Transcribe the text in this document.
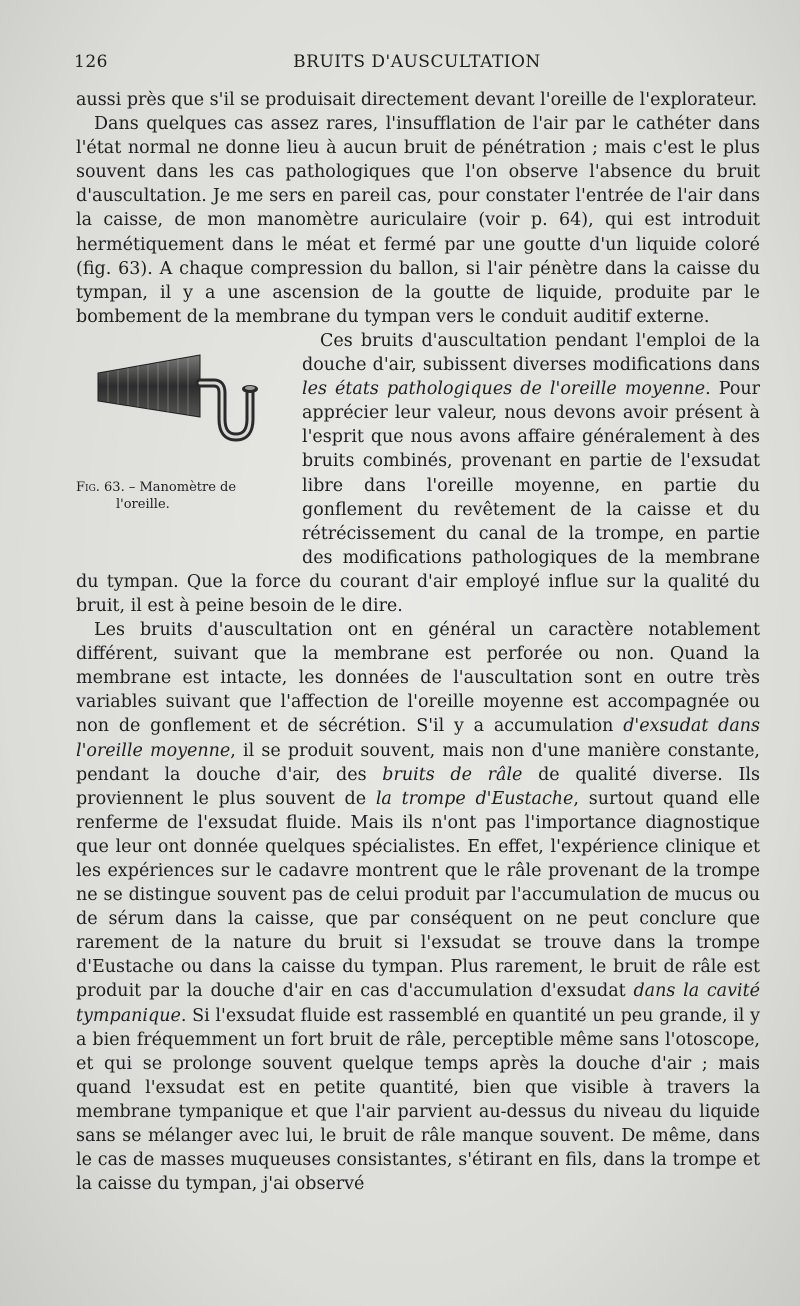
126	BRUITS D'AUSCULTATION

aussi près que s'il se produisait directement devant l'oreille de l'explorateur.

Dans quelques cas assez rares, l'insufflation de l'air par le cathéter dans l'état normal ne donne lieu à aucun bruit de pénétration ; mais c'est le plus souvent dans les cas pathologiques que l'on observe l'absence du bruit d'auscultation. Je me sers en pareil cas, pour constater l'entrée de l'air dans la caisse, de mon manomètre auriculaire (voir p. 64), qui est introduit hermétiquement dans le méat et fermé par une goutte d'un liquide coloré (fig. 63). A chaque compression du ballon, si l'air pénètre dans la caisse du tympan, il y a une ascension de la goutte de liquide, produite par le bombement de la membrane du tympan vers le conduit auditif externe.

Fig. 63. – Manomètre de
l'oreille.

Ces bruits d'auscultation pendant l'emploi de la douche d'air, subissent diverses modifications dans les états pathologiques de l'oreille moyenne. Pour apprécier leur valeur, nous devons avoir présent à l'esprit que nous avons affaire généralement à des bruits combinés, provenant en partie de l'exsudat libre dans l'oreille moyenne, en partie du gonflement du revêtement de la caisse et du rétrécissement du canal de la trompe, en partie des modifications pathologiques de la membrane du tympan. Que la force du courant d'air employé influe sur la qualité du bruit, il est à peine besoin de le dire.

Les bruits d'auscultation ont en général un caractère notablement différent, suivant que la membrane est perforée ou non. Quand la membrane est intacte, les données de l'auscultation sont en outre très variables suivant que l'affection de l'oreille moyenne est accompagnée ou non de gonflement et de sécrétion. S'il y a accumulation d'exsudat dans l'oreille moyenne, il se produit souvent, mais non d'une manière constante, pendant la douche d'air, des bruits de râle de qualité diverse. Ils proviennent le plus souvent de la trompe d'Eustache, surtout quand elle renferme de l'exsudat fluide. Mais ils n'ont pas l'importance diagnostique que leur ont donnée quelques spécialistes. En effet, l'expérience clinique et les expériences sur le cadavre montrent que le râle provenant de la trompe ne se distingue souvent pas de celui produit par l'accumulation de mucus ou de sérum dans la caisse, que par conséquent on ne peut conclure que rarement de la nature du bruit si l'exsudat se trouve dans la trompe d'Eustache ou dans la caisse du tympan. Plus rarement, le bruit de râle est produit par la douche d'air en cas d'accumulation d'exsudat dans la cavité tympanique. Si l'exsudat fluide est rassemblé en quantité un peu grande, il y a bien fréquemment un fort bruit de râle, perceptible même sans l'otoscope, et qui se prolonge souvent quelque temps après la douche d'air ; mais quand l'exsudat est en petite quantité, bien que visible à travers la membrane tympanique et que l'air parvient au-dessus du niveau du liquide sans se mélanger avec lui, le bruit de râle manque souvent. De même, dans le cas de masses muqueuses consistantes, s'étirant en fils, dans la trompe et la caisse du tympan, j'ai observé
